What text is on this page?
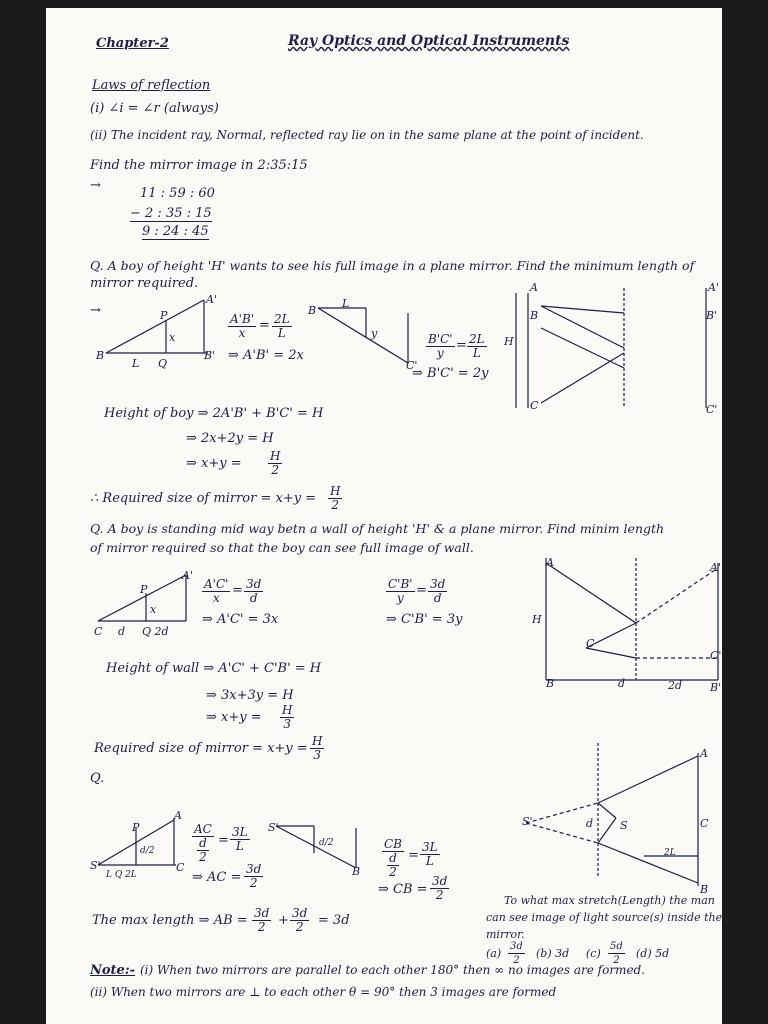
Chapter-2	Ray Optics and Optical Instruments
Laws of reflection
(i) ∠i = ∠r (always)
(ii) The incident ray, Normal, reflected ray lie on in the same plane at the point of incident.
Find the mirror image in 2:35:15
→
11 : 59 : 60
− 2 : 35 : 15
9 : 24 : 45
Q. A boy of height 'H' wants to see his full image in a plane mirror. Find the minimum length of
mirror required.
→
B
P
x
L Q
A'
B'
$\frac{A'B'}{x} = \frac{2L}{L}$
⇒ A'B' = 2x
B
L
y
C'
$\frac{B'C'}{y} = \frac{2L}{L}$
⇒ B'C' = 2y
A
B
H
C
A'
B'
C'
Height of boy ⇒ 2A'B' + B'C' = H
⇒ 2x+2y = H
⇒ $x+y = \frac{H}{2}$
∴ Required size of mirror = $x+y = \frac{H}{2}$
Q. A boy is standing mid way betn a wall of height 'H' & a plane mirror. Find minim length
of mirror required so that the boy can see full image of wall.
C
P
x
d Q 2d
A'
$\frac{A'C'}{x} = \frac{3d}{d}$
⇒ A'C' = 3x
$\frac{C'B'}{y} = \frac{3d}{d}$
⇒ C'B' = 3y
A
H
B
C
d	2d
A'
C'
B'
Height of wall ⇒ A'C' + C'B' = H
⇒ 3x+3y = H
⇒ $x+y = \frac{H}{3}$
Required size of mirror = $x+y = \frac{H}{3}$
Q.
S'
P
d/2
L Q 2L
A
C
AC
d

2
= $\frac{3L}{L}$
⇒ AC = $\frac{3d}{2}$
S'
d/2
B
CB
d

2
= $\frac{3L}{L}$
⇒ CB = $\frac{3d}{2}$
S'	d S
A
C
B
2L
The max length ⇒ AB = $\frac{3d}{2} + \frac{3d}{2} = 3d$
To what max stretch(Length) the man
can see image of light source(s) inside the
mirror.
$(a) \frac{3d}{2} (b)$ 3d $(c) \frac{5d}{2} (d)$ 5d
Note:- (i) When two mirrors are parallel to each other 180° then ∞ no images are formed.
(ii) When two mirrors are ⊥ to each other θ = 90° then 3 images are formed
